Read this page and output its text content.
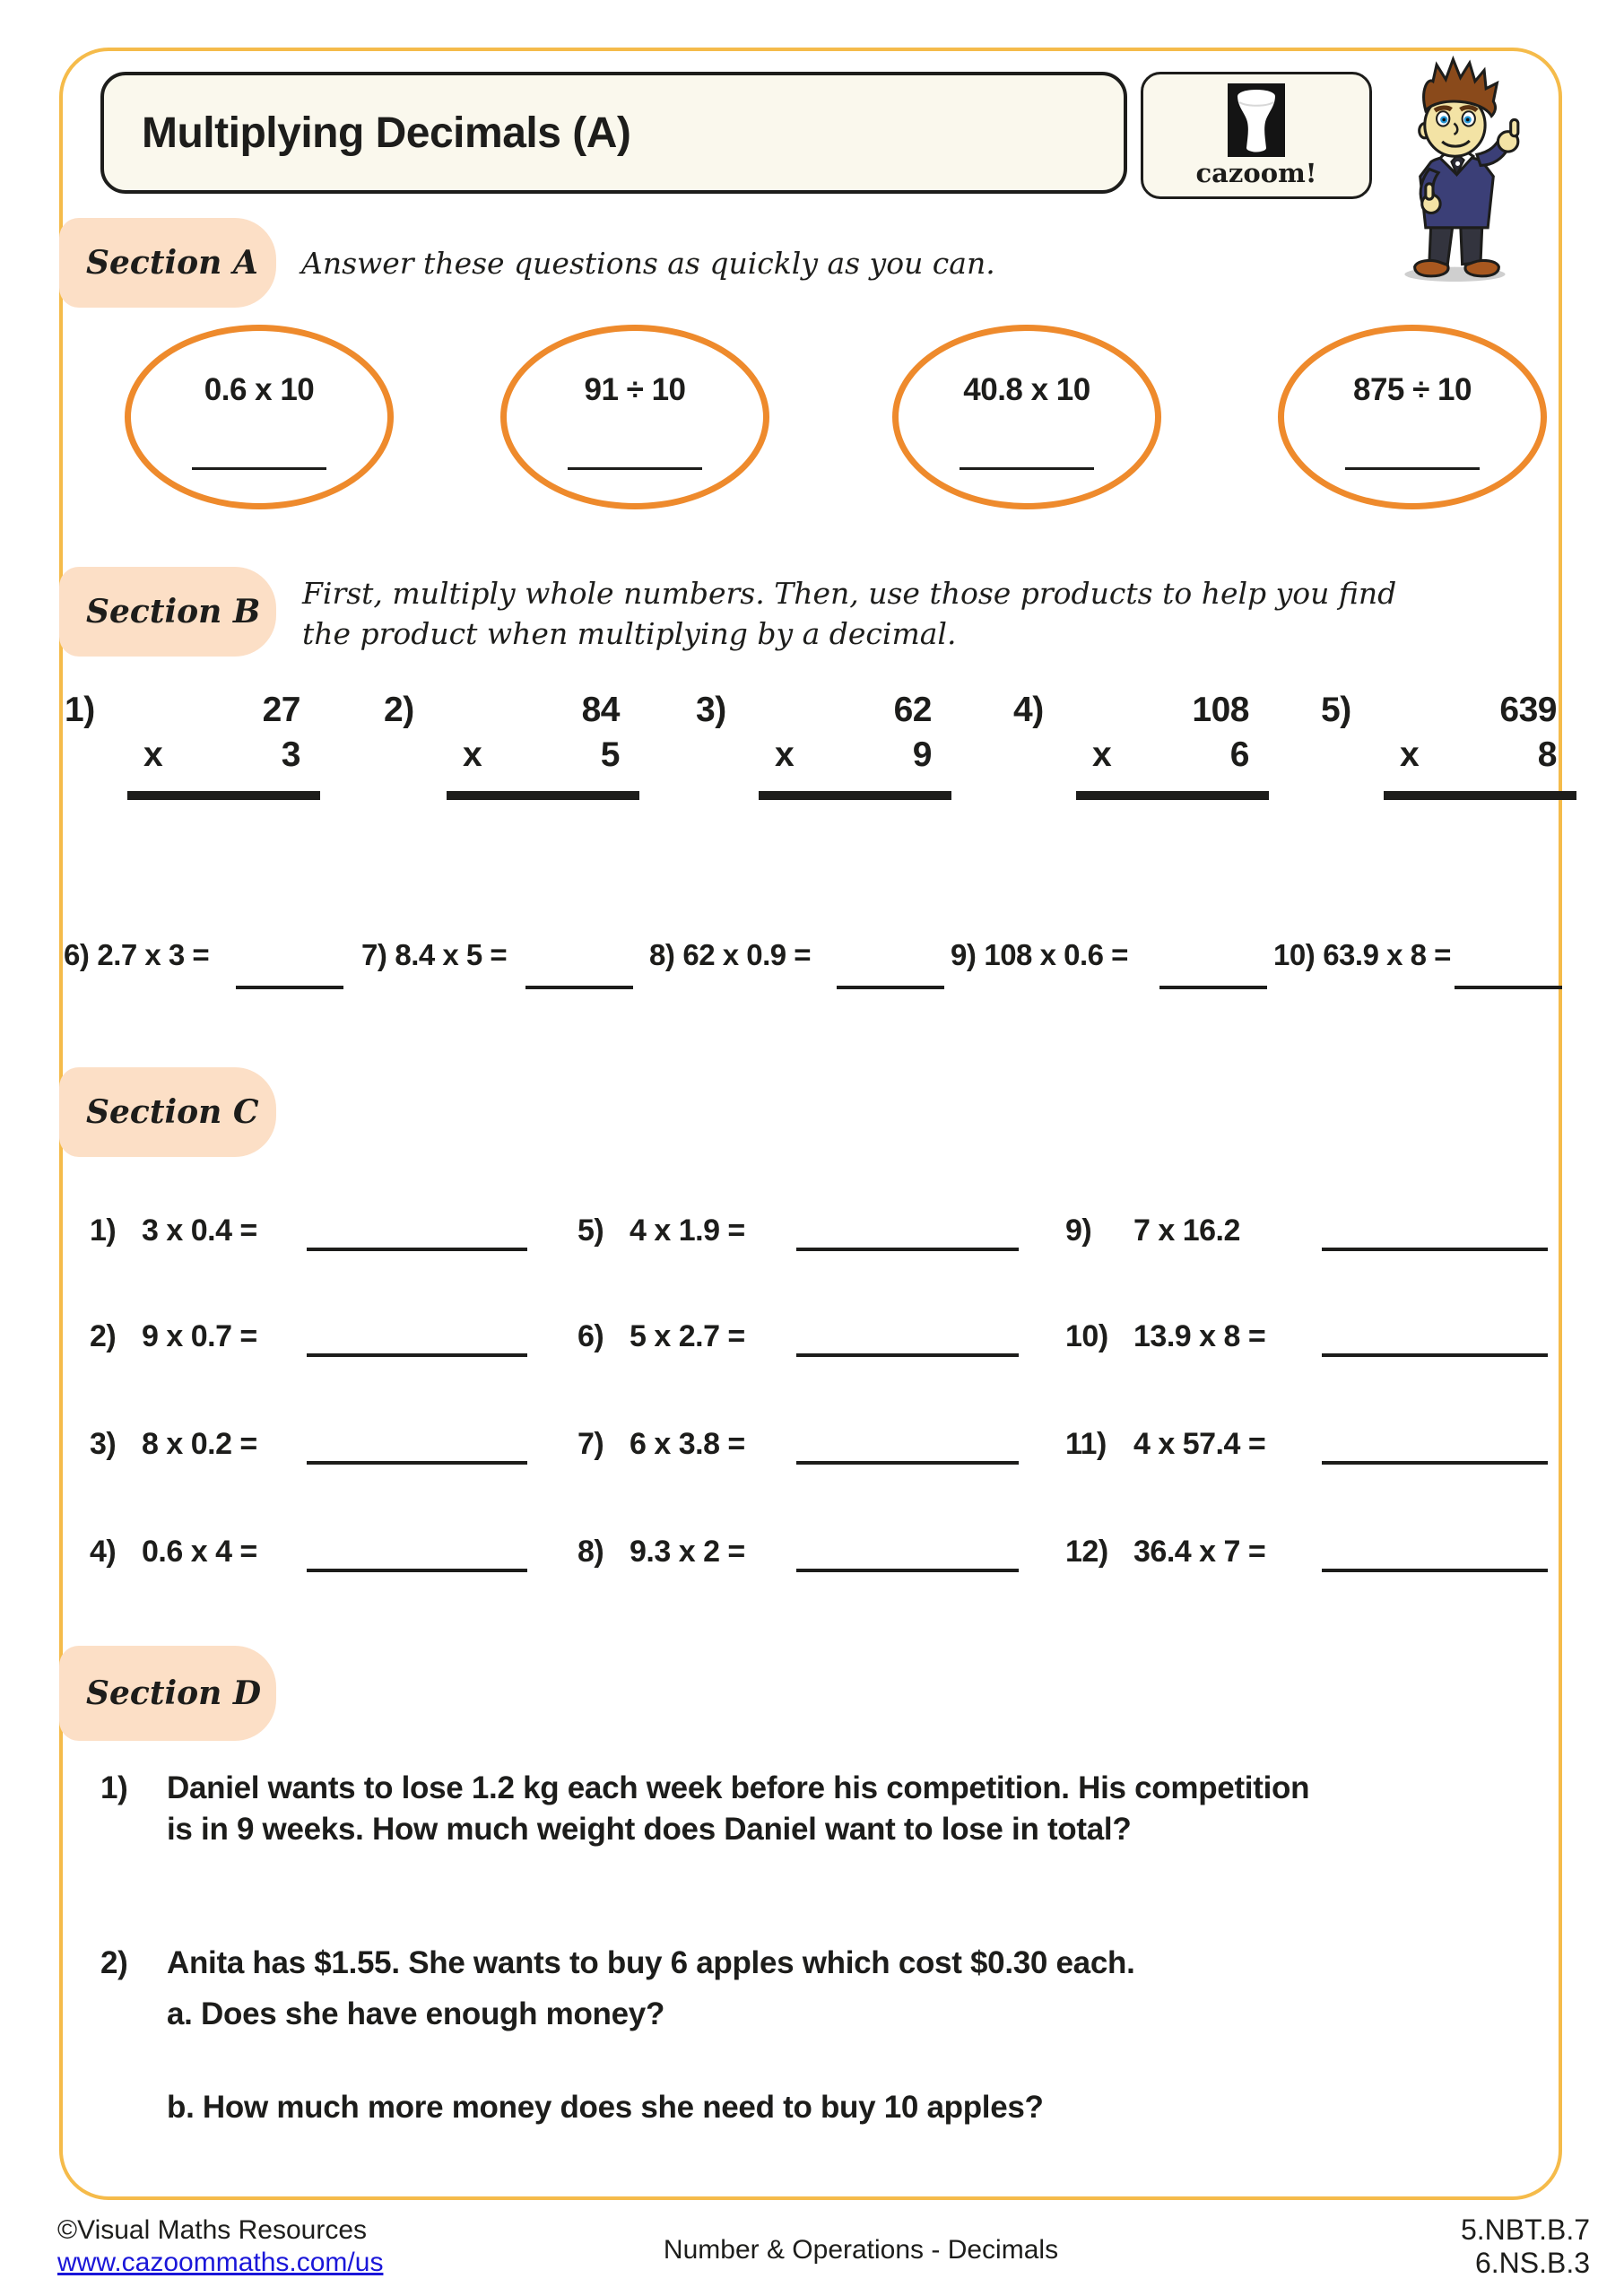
Multiplying Decimals (A)
cazoom!
Section A Answer these questions as quickly as you can.
0.6 x 10	91 ÷ 10	40.8 x 10	875 ÷ 10
Section B First, multiply whole numbers. Then, use those products to help you find
the product when multiplying by a decimal.
1)	27
x	3
2)	84
x	5
3)	62
x	9
4)	108
x	6
5)	639
x	8
6) 2.7 x 3 =	7) 8.4 x 5 =	8) 62 x 0.9 =	9) 108 x 0.6 =	10) 63.9 x 8 =
Section C
1) 3 x 0.4 =
2) 9 x 0.7 =
3) 8 x 0.2 =
4) 0.6 x 4 =
5) 4 x 1.9 =
6) 5 x 2.7 =
7) 6 x 3.8 =
8) 9.3 x 2 =
9)	7 x 16.2
10) 13.9 x 8 =
11) 4 x 57.4 =
12) 36.4 x 7 =
Section D
1)	Daniel wants to lose 1.2 kg each week before his competition. His competition
is in 9 weeks. How much weight does Daniel want to lose in total?
2)	Anita has $1.55. She wants to buy 6 apples which cost $0.30 each.
a. Does she have enough money?
b. How much more money does she need to buy 10 apples?
©Visual Maths Resources
www.cazoommaths.com/us	Number & Operations - Decimals
5.NBT.B.7
6.NS.B.3
